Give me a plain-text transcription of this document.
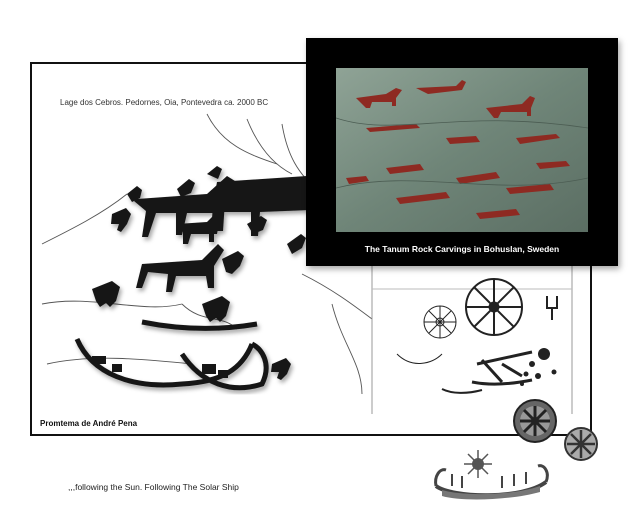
Lage dos Cebros. Pedornes, Oia, Pontevedra ca. 2000 BC
Promtema de André Pena
The Tanum Rock Carvings in Bohuslan, Sweden
,,,following the Sun. Following The Solar Ship
